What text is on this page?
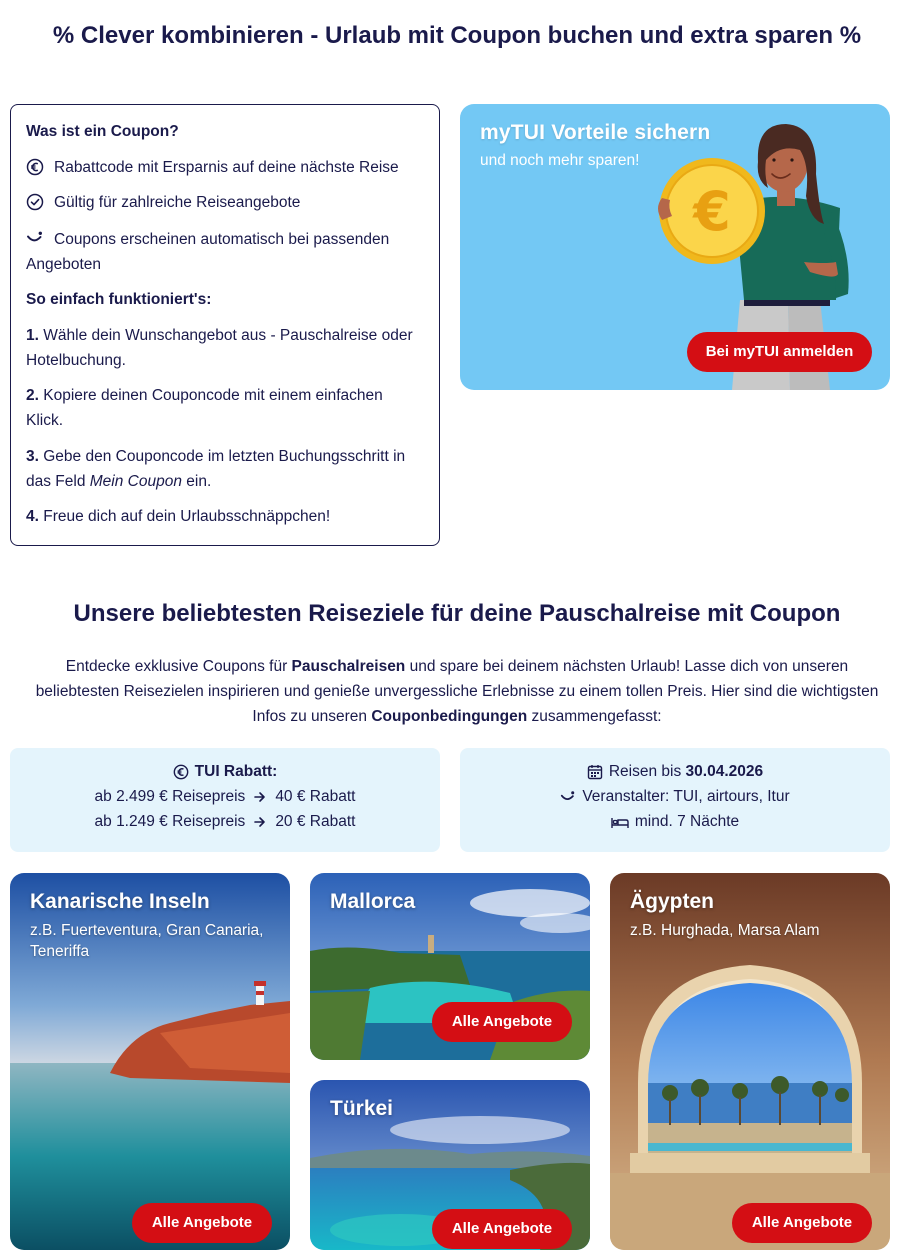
% Clever kombinieren - Urlaub mit Coupon buchen und extra sparen %
Was ist ein Coupon?
Rabattcode mit Ersparnis auf deine nächste Reise
Gültig für zahlreiche Reiseangebote
Coupons erscheinen automatisch bei passenden Angeboten
So einfach funktioniert's:
1. Wähle dein Wunschangebot aus - Pauschalreise oder Hotelbuchung.
2. Kopiere deinen Couponcode mit einem einfachen Klick.
3. Gebe den Couponcode im letzten Buchungsschritt in das Feld Mein Coupon ein.
4. Freue dich auf dein Urlaubsschnäppchen!
€
myTUI Vorteile sichern
und noch mehr sparen!
Bei myTUI anmelden
Unsere beliebtesten Reiseziele für deine Pauschalreise mit Coupon
Entdecke exklusive Coupons für Pauschalreisen und spare bei deinem nächsten Urlaub! Lasse dich von unseren beliebtesten Reisezielen inspirieren und genieße unvergessliche Erlebnisse zu einem tollen Preis. Hier sind die wichtigsten Infos zu unseren Couponbedingungen zusammengefasst:
TUI Rabatt:
ab 2.499 € Reisepreis 40 € Rabatt
ab 1.249 € Reisepreis 20 € Rabatt
Reisen bis
30.04.2026
Veranstalter: TUI, airtours, Itur
mind. 7 Nächte
Kanarische Inseln
z.B. Fuerteventura, Gran Canaria, Teneriffa
Alle Angebote
Mallorca
Alle Angebote
Türkei
Alle Angebote
Ägypten
z.B. Hurghada, Marsa Alam
Alle Angebote
